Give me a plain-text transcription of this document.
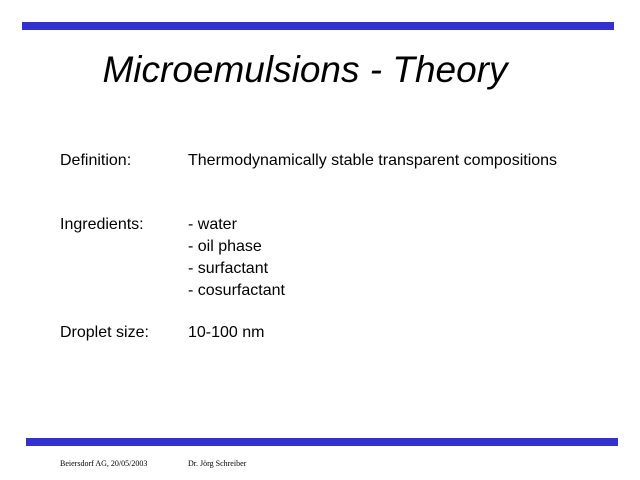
Microemulsions - Theory
Definition:	Thermodynamically stable transparent compositions
Ingredients:	- water
- oil phase
- surfactant
- cosurfactant
Droplet size: 10-100 nm
Beiersdorf AG, 20/05/2003	Dr. Jörg Schreiber
